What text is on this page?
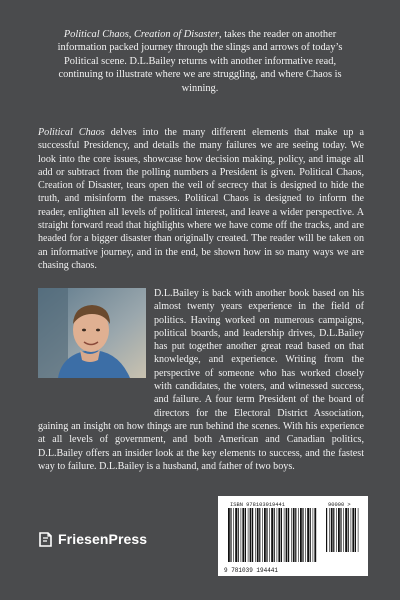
Political Chaos, Creation of Disaster, takes the reader on another information packed journey through the slings and arrows of today’s Political scene. D.L.Bailey returns with another informative read, continuing to illustrate where we are struggling, and where Chaos is winning.
Political Chaos delves into the many different elements that make up a successful Presidency, and details the many failures we are seeing today. We look into the core issues, showcase how decision making, policy, and image all add or subtract from the polling numbers a President is given. Political Chaos, Creation of Disaster, tears open the veil of secrecy that is designed to hide the truth, and misinform the masses. Political Chaos is designed to inform the reader, enlighten all levels of political interest, and leave a wider perspective. A straight forward read that highlights where we have come off the tracks, and are headed for a bigger disaster than originally created. The reader will be taken on an informative journey, and in the end, be shown how in so many ways we are chasing chaos.
D.L.Bailey is back with another book based on his almost twenty years experience in the field of politics. Having worked on numerous campaigns, political boards, and leadership drives, D.L.Bailey has put together another great read based on that knowledge, and experience. Writing from the perspective of someone who has worked closely with candidates, the voters, and witnessed success, and failure. A four term President of the board of directors for the Electoral District Association, gaining an insight on how things are run behind the scenes. With his experience at all levels of government, and both American and Canadian politics, D.L.Bailey offers an insider look at the key elements to success, and the fastest way to failure. D.L.Bailey is a husband, and father of two boys.
FriesenPress
ISBN 978103919441	90000 >
9 781039 194441
